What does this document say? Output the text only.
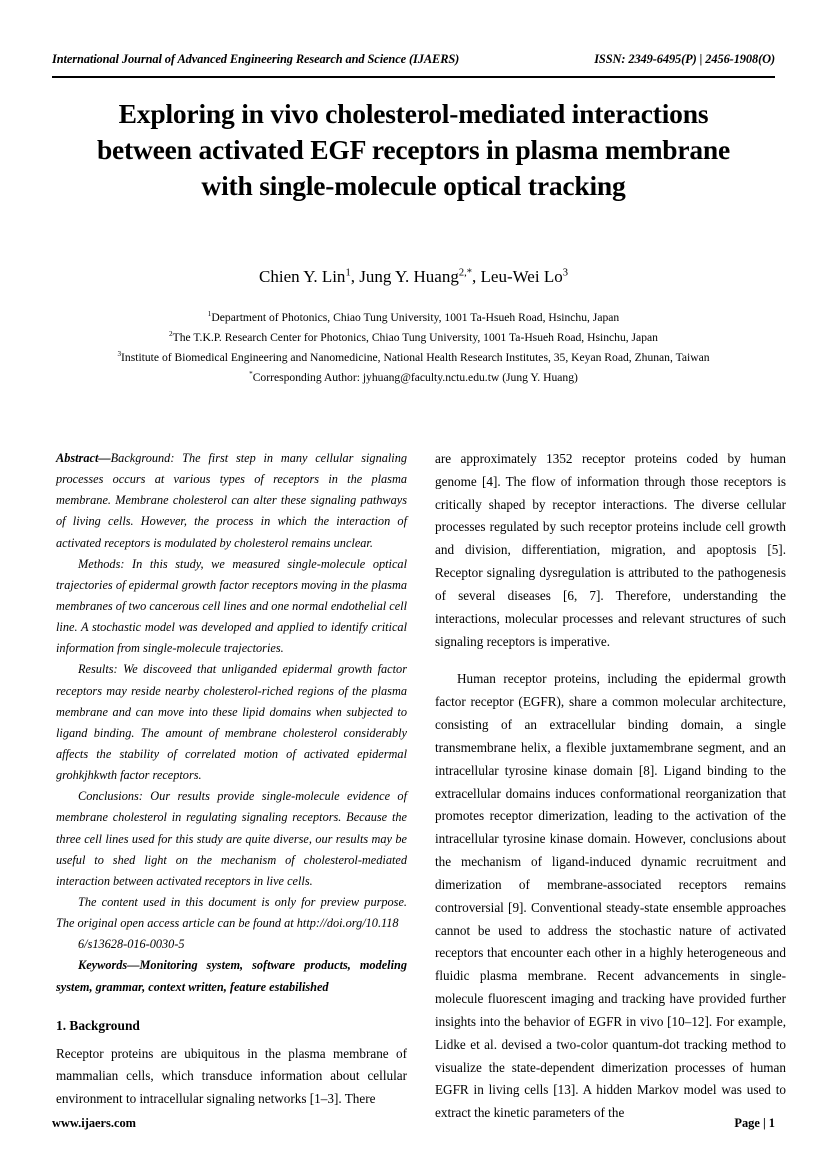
International Journal of Advanced Engineering Research and Science (IJAERS)	ISSN: 2349-6495(P) | 2456-1908(O)
Exploring in vivo cholesterol-mediated interactions between activated EGF receptors in plasma membrane with single-molecule optical tracking
Chien Y. Lin$^1$, Jung Y. Huang$^{2,*}$, Leu-Wei Lo$^3$
$^1$Department of Photonics, Chiao Tung University, 1001 Ta-Hsueh Road, Hsinchu, Japan
$^2$The T.K.P. Research Center for Photonics, Chiao Tung University, 1001 Ta-Hsueh Road, Hsinchu, Japan
$^3$Institute of Biomedical Engineering and Nanomedicine, National Health Research Institutes, 35, Keyan Road, Zhunan, Taiwan
*Corresponding Author: jyhuang@faculty.nctu.edu.tw (Jung Y. Huang)

Abstract—Background: The first step in many cellular signaling processes occurs at various types of receptors in the plasma membrane. Membrane cholesterol can alter these signaling pathways of living cells. However, the process in which the interaction of activated receptors is modulated by cholesterol remains unclear.

Methods: In this study, we measured single-molecule optical trajectories of epidermal growth factor receptors moving in the plasma membranes of two cancerous cell lines and one normal endothelial cell line. A stochastic model was developed and applied to identify critical information from single-molecule trajectories.

Results: We discoveed that unliganded epidermal growth factor receptors may reside nearby cholesterol-riched regions of the plasma membrane and can move into these lipid domains when subjected to ligand binding. The amount of membrane cholesterol considerably affects the stability of correlated motion of activated epidermal grohkjhkwth factor receptors.

Conclusions: Our results provide single-molecule evidence of membrane cholesterol in regulating signaling receptors. Because the three cell lines used for this study are quite diverse, our results may be useful to shed light on the mechanism of cholesterol-mediated interaction between activated receptors in live cells.

The content used in this document is only for preview purpose. The original open access article can be found at http://doi.org/10.118

6/s13628-016-0030-5

Keywords—Monitoring system, software products, modeling system, grammar, context written, feature estabilished

1. Background

Receptor proteins are ubiquitous in the plasma membrane of mammalian cells, which transduce information about cellular environment to intracellular signaling networks [1–3]. There

are approximately 1352 receptor proteins coded by human genome [4]. The flow of information through those receptors is critically shaped by receptor interactions. The diverse cellular processes regulated by such receptor proteins include cell growth and division, differentiation, migration, and apoptosis [5]. Receptor signaling dysregulation is attributed to the pathogenesis of several diseases [6, 7]. Therefore, understanding the interactions, molecular processes and relevant structures of such signaling receptors is imperative.

Human receptor proteins, including the epidermal growth factor receptor (EGFR), share a common molecular architecture, consisting of an extracellular binding domain, a single transmembrane helix, a flexible juxtamembrane segment, and an intracellular tyrosine kinase domain [8]. Ligand binding to the extracellular domains induces conformational reorganization that promotes receptor dimerization, leading to the activation of the intracellular tyrosine kinase domain. However, conclusions about the mechanism of ligand-induced dynamic recruitment and dimerization of membrane-associated receptors remains controversial [9]. Conventional steady-state ensemble approaches cannot be used to address the stochastic nature of activated receptors that encounter each other in a highly heterogeneous and fluidic plasma membrane. Recent advancements in single-molecule fluorescent imaging and tracking have provided further insights into the behavior of EGFR in vivo [10–12]. For example, Lidke et al. devised a two-color quantum-dot tracking method to visualize the state-dependent dimerization processes of human EGFR in living cells [13]. A hidden Markov model was used to extract the kinetic parameters of the

www.ijaers.com	Page | 1
